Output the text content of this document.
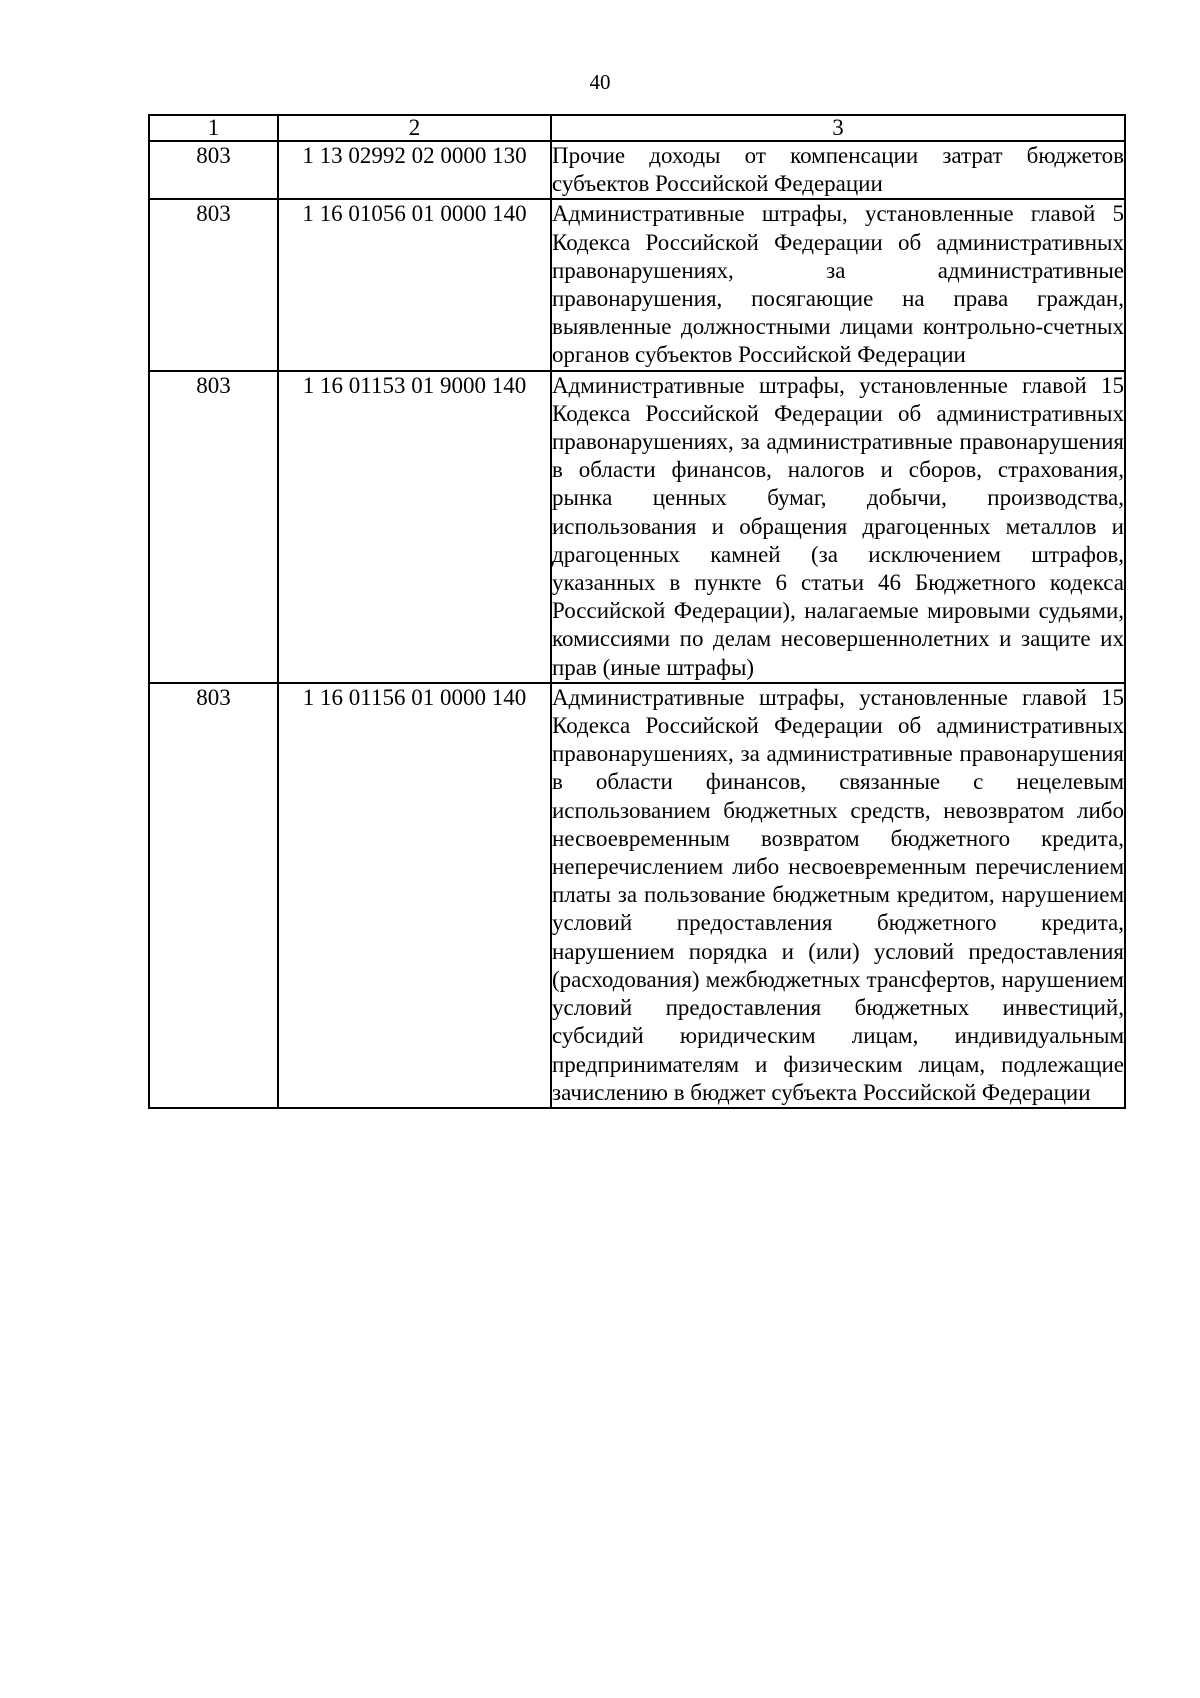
40
1	2	3
803	1 13 02992 02 0000 130	Прочие доходы от компенсации затрат бюджетов субъектов Российской Федерации

803	1 16 01056 01 0000 140	Административные штрафы, установленные главой 5 Кодекса Российской Федерации об административных правонарушениях, за административные правонарушения, посягающие на права граждан, выявленные должностными лицами контрольно-счетных органов субъектов Российской Федерации

803	1 16 01153 01 9000 140	Административные штрафы, установленные главой 15 Кодекса Российской Федерации об административных правонарушениях, за административные правонарушения в области финансов, налогов и сборов, страхования, рынка ценных бумаг, добычи, производства, использования и обращения драгоценных металлов и драгоценных камней (за исключением штрафов, указанных в пункте 6 статьи 46 Бюджетного кодекса Российской Федерации), налагаемые мировыми судьями, комиссиями по делам несовершеннолетних и защите их прав (иные штрафы)

803	1 16 01156 01 0000 140	Административные штрафы, установленные главой 15 Кодекса Российской Федерации об административных правонарушениях, за административные правонарушения в области финансов, связанные с нецелевым использованием бюджетных средств, невозвратом либо несвоевременным возвратом бюджетного кредита, неперечислением либо несвоевременным перечислением платы за пользование бюджетным кредитом, нарушением условий предоставления бюджетного кредита, нарушением порядка и (или) условий предоставления (расходования) межбюджетных трансфертов, нарушением условий предоставления бюджетных инвестиций, субсидий юридическим лицам, индивидуальным предпринимателям и физическим лицам, подлежащие зачислению в бюджет субъекта Российской Федерации
